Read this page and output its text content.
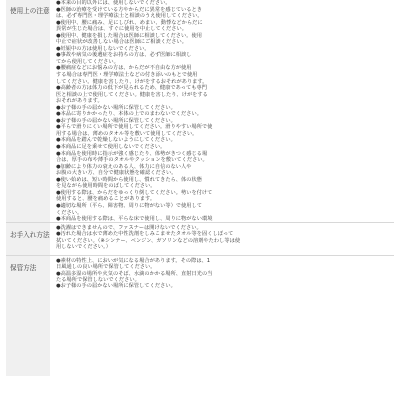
使用上の注意

●本来の目的以外には、使用しないでください。
●医師の治療を受けている方やからだに異常を感じているとき
は、必ず専門医・理学療法士と相談のうえ使用してください。
●使用中、腰に痛み、足にしびれ、めまい、動悸などからだに
異常が生じた場合は、すぐに使用を中止してください。
●使用中、健康を損した場合は医師に相談してください。使用
中止で症状が改善しない場合は医師にご相談ください。
●妊娠中の方は使用しないでください。
●事故や病気の後遺症をお持ちの方は、必ず医師に相談し
てから使用してください。
●腰痛症などにお悩みの方は、からだが不自由な方が使用
する場合は専門医・理学療法士などの付き添いのもとで使用
してください。健康を害したり、けがをするおそれがあります。
●高齢者の方は体力の低下が見られるため、健康であっても専門
医と相談の上で使用してください。健康を害したり、けがをする
おそれがあります。
●お子様の手の届かない場所に保管してください。
●本品に寄りかかったり、本体の上でのまわないでください。
●お子様の手の届かない場所に保管してください。
●平らで滑りにくい場所で使用してください。滑りやすい場所で使
用する場合は、薄めのタオル等を敷いて使用してください。
●本商品を踏んで乾燥しないようにしてください。
●本商品に足を乗せて使用しないでください。
●本商品を使用時に指示が強く感じたり、体勢がきつく感じる場
合は、厚手の布や薄手のタオルやクッションを敷いてください。
●加齢により体力の衰えのある人、体力に自信のない人や
お腹の大きい方、自分で健康状態を確認ください。
●使い始めは、短い時間から使用し、慣れてきたら、体の状態
を見ながら使用時間をのばしてください。
●使用する際は、からだをゆっくり倒してください。勢いを付けて
使用すると、腰を痛めることがあります。
●適切な場所（平ら、障害物、周りに物がない等）で使用して
ください。
●本商品を使用する際は、平らな床で使用し、周りに物がない環境

お手入れ方法

●洗濯はできませんので、ファスナーは開けないでください。
●汚れた場合は水で薄めた中性洗剤をしみこませたタオル等を固くしぼって
拭いてください。（※シンナー、ベンジン、ガソリンなどの溶剤やたわし等は使
用しないでください。）

保管方法

●素材の特性上、においが気になる場合があります。その際は、1
日風通しの良い場所で保管してください。
●高温多湿の場所や火気のそば、水滴のかかる場所、直射日光の当
たる場所で保管しないでください。
●お子様の手の届かない場所に保管してください。
